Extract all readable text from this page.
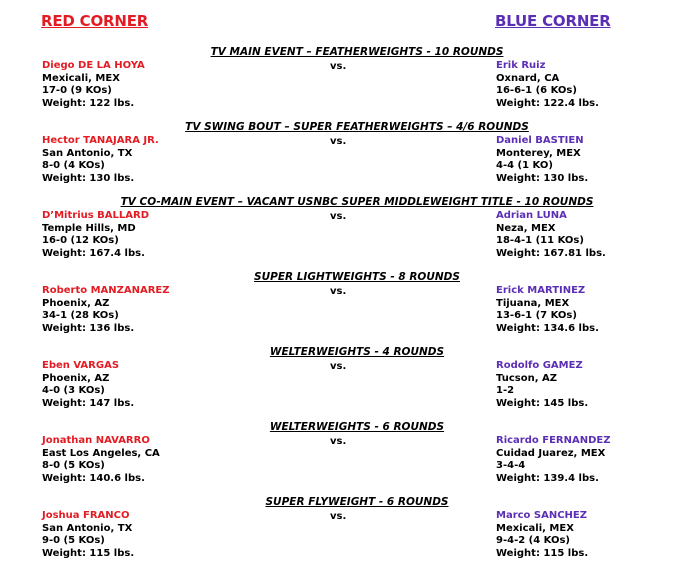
RED CORNER	BLUE CORNER
TV MAIN EVENT – FEATHERWEIGHTS - 10 ROUNDS
vs.
Diego DE LA HOYA
Mexicali, MEX
17-0 (9 KOs)
Weight: 122 lbs.
Erik Ruiz
Oxnard, CA
16-6-1 (6 KOs)
Weight: 122.4 lbs.
TV SWING BOUT – SUPER FEATHERWEIGHTS – 4/6 ROUNDS
vs.
Hector TANAJARA JR.
San Antonio, TX
8-0 (4 KOs)
Weight: 130 lbs.
Daniel BASTIEN
Monterey, MEX
4-4 (1 KO)
Weight: 130 lbs.
TV CO-MAIN EVENT – VACANT USNBC SUPER MIDDLEWEIGHT TITLE - 10 ROUNDS
vs.
D’Mitrius BALLARD
Temple Hills, MD
16-0 (12 KOs)
Weight: 167.4 lbs.
Adrian LUNA
Neza, MEX
18-4-1 (11 KOs)
Weight: 167.81 lbs.
SUPER LIGHTWEIGHTS - 8 ROUNDS
vs.
Roberto MANZANAREZ
Phoenix, AZ
34-1 (28 KOs)
Weight: 136 lbs.
Erick MARTINEZ
Tijuana, MEX
13-6-1 (7 KOs)
Weight: 134.6 lbs.
WELTERWEIGHTS - 4 ROUNDS
vs.
Eben VARGAS
Phoenix, AZ
4-0 (3 KOs)
Weight: 147 lbs.
Rodolfo GAMEZ
Tucson, AZ
1-2
Weight: 145 lbs.
WELTERWEIGHTS - 6 ROUNDS
vs.
Jonathan NAVARRO
East Los Angeles, CA
8-0 (5 KOs)
Weight: 140.6 lbs.
Ricardo FERNANDEZ
Cuidad Juarez, MEX
3-4-4
Weight: 139.4 lbs.
SUPER FLYWEIGHT - 6 ROUNDS
vs.
Joshua FRANCO
San Antonio, TX
9-0 (5 KOs)
Weight: 115 lbs.
Marco SANCHEZ
Mexicali, MEX
9-4-2 (4 KOs)
Weight: 115 lbs.
